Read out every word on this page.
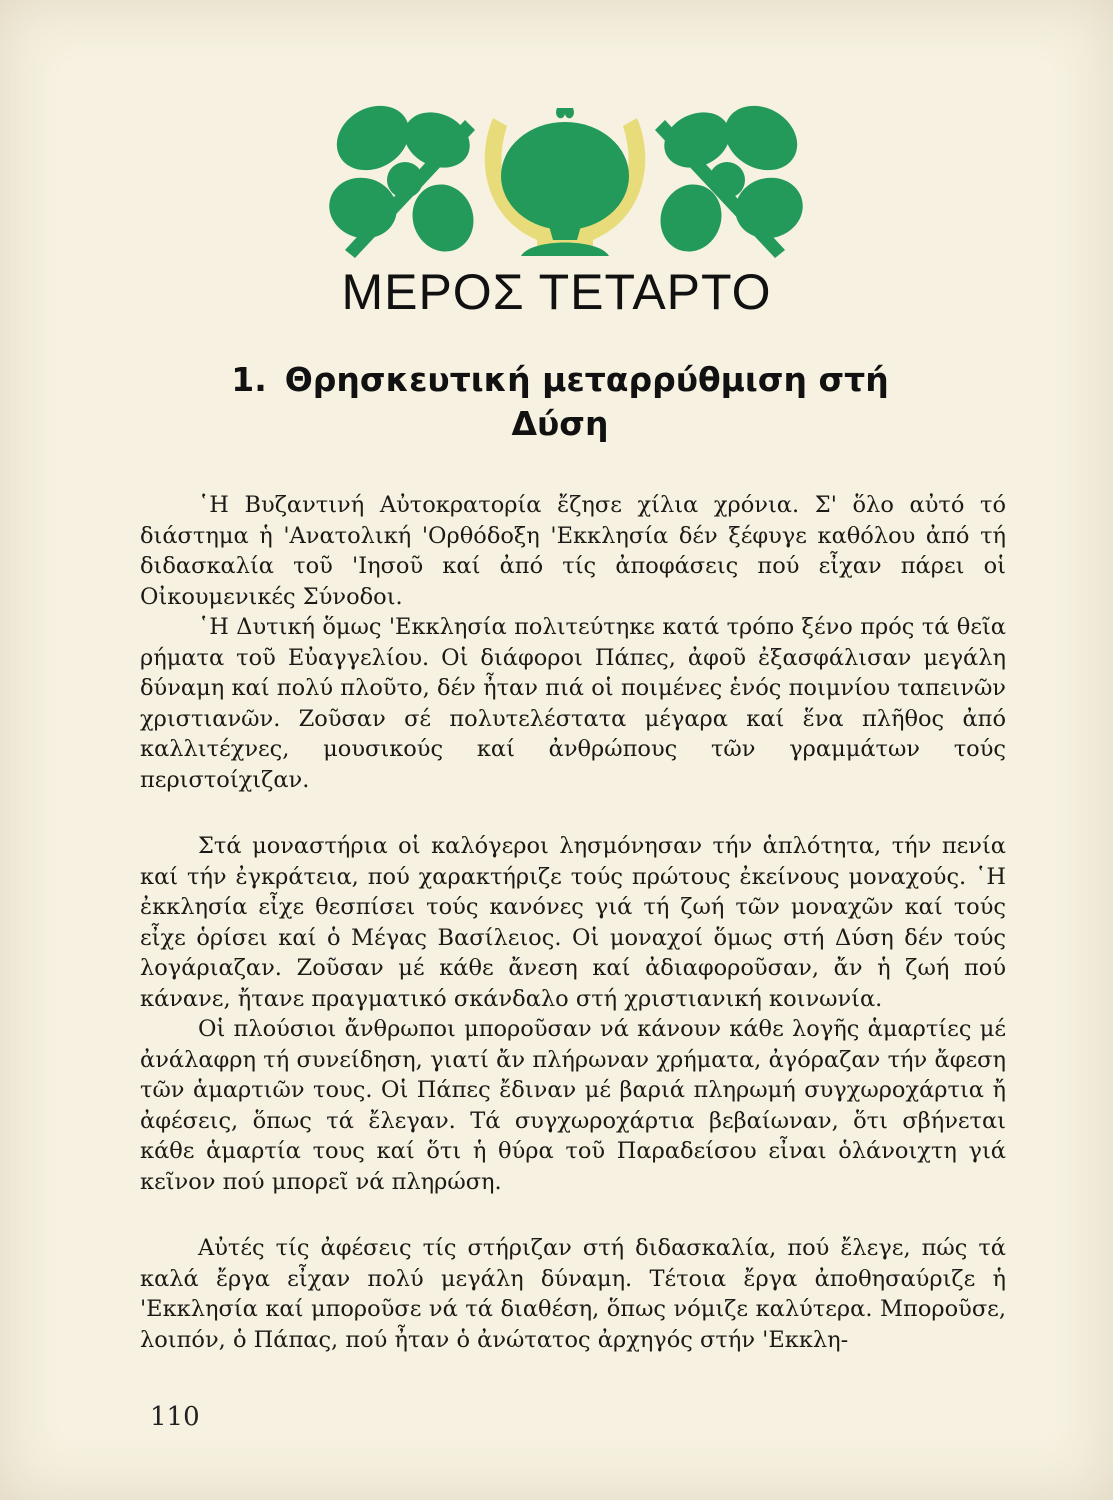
ΜΕΡΟΣ ΤΕΤΑΡΤΟ
1. Θρησκευτική μεταρρύθμιση στή Δύση

῾Η Βυζαντινή Αὐτοκρατορία ἔζησε χίλια χρόνια. Σ' ὅλο αὐτό τό διάστημα ἡ 'Ανατολική 'Ορθόδοξη 'Εκκλησία δέν ξέφυγε καθόλου ἀπό τή διδασκαλία τοῦ 'Ιησοῦ καί ἀπό τίς ἀποφάσεις πού εἶχαν πάρει οἱ Οἰκουμενικές Σύνοδοι.

῾Η Δυτική ὅμως 'Εκκλησία πολιτεύτηκε κατά τρόπο ξένο πρός τά θεῖα ρήματα τοῦ Εὐαγγελίου. Οἱ διάφοροι Πάπες, ἀφοῦ ἐξασφάλισαν μεγάλη δύναμη καί πολύ πλοῦτο, δέν ἦταν πιά οἱ ποιμένες ἑνός ποιμνίου ταπεινῶν χριστιανῶν. Ζοῦσαν σέ πολυτελέστατα μέγαρα καί ἕνα πλῆθος ἀπό καλλιτέχνες, μουσικούς καί ἀνθρώπους τῶν γραμμάτων τούς περιστοίχιζαν.

Στά μοναστήρια οἱ καλόγεροι λησμόνησαν τήν ἁπλότητα, τήν πενία καί τήν ἐγκράτεια, πού χαρακτήριζε τούς πρώτους ἐκείνους μοναχούς. ῾Η ἐκκλησία εἶχε θεσπίσει τούς κανόνες γιά τή ζωή τῶν μοναχῶν καί τούς εἶχε ὁρίσει καί ὁ Μέγας Βασίλειος. Οἱ μοναχοί ὅμως στή Δύση δέν τούς λογάριαζαν. Ζοῦσαν μέ κάθε ἄνεση καί ἀδιαφοροῦσαν, ἄν ἡ ζωή πού κάνανε, ἤτανε πραγματικό σκάνδαλο στή χριστιανική κοινωνία.

Οἱ πλούσιοι ἄνθρωποι μποροῦσαν νά κάνουν κάθε λογῆς ἁμαρτίες μέ ἀνάλαφρη τή συνείδηση, γιατί ἄν πλήρωναν χρήματα, ἀγόραζαν τήν ἄφεση τῶν ἁμαρτιῶν τους. Οἱ Πάπες ἔδιναν μέ βαριά πληρωμή συγχωροχάρτια ἤ ἀφέσεις, ὅπως τά ἔλεγαν. Τά συγχωροχάρτια βεβαίωναν, ὅτι σβήνεται κάθε ἁμαρτία τους καί ὅτι ἡ θύρα τοῦ Παραδείσου εἶναι ὁλάνοιχτη γιά κεῖνον πού μπορεῖ νά πληρώση.

Αὐτές τίς ἀφέσεις τίς στήριζαν στή διδασκαλία, πού ἔλεγε, πώς τά καλά ἔργα εἶχαν πολύ μεγάλη δύναμη. Τέτοια ἔργα ἀποθησαύριζε ἡ 'Εκκλησία καί μποροῦσε νά τά διαθέση, ὅπως νόμιζε καλύτερα. Μποροῦσε, λοιπόν, ὁ Πάπας, πού ἦταν ὁ ἀνώτατος ἀρχηγός στήν 'Εκκλη-

110
